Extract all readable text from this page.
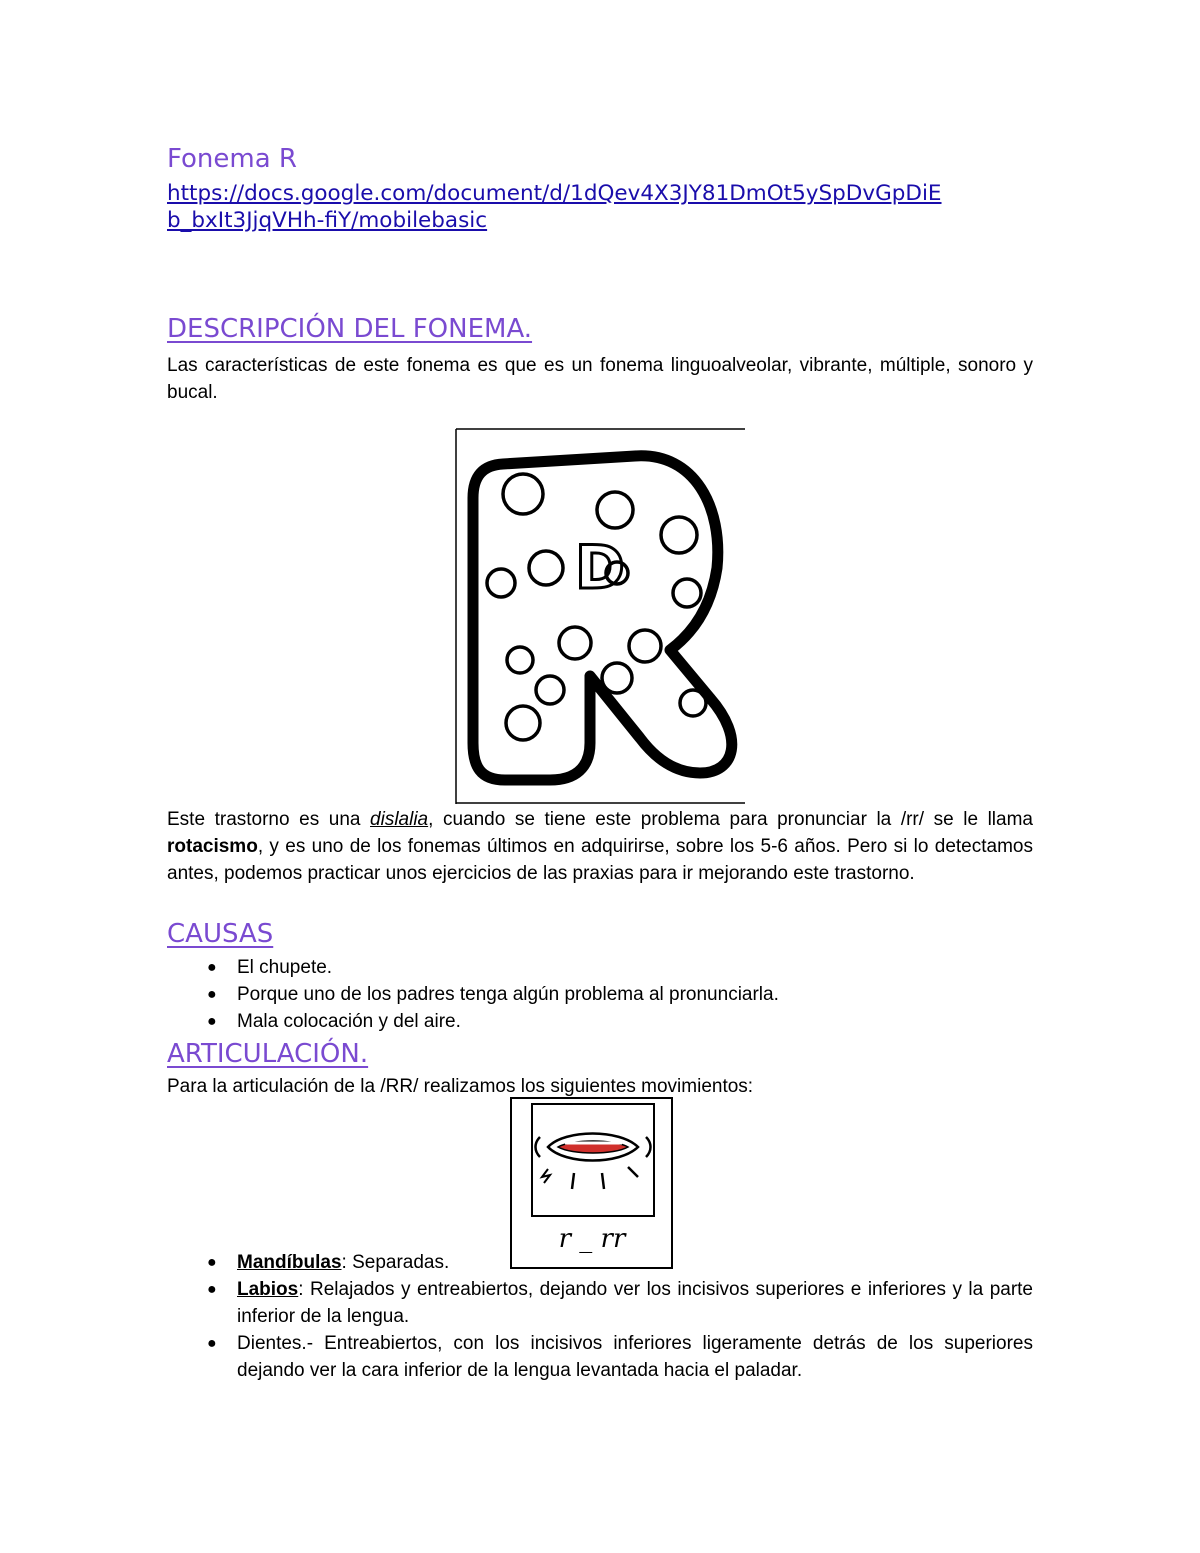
Fonema R
https://docs.google.com/document/d/1dQev4X3JY81DmOt5ySpDvGpDiE
b_bxIt3JjqVHh-fiY/mobilebasic
DESCRIPCIÓN DEL FONEMA.
Las características de este fonema es que es un fonema linguoalveolar, vibrante, múltiple, sonoro y bucal.
D
Este trastorno es una dislalia, cuando se tiene este problema para pronunciar la /rr/ se le llama rotacismo, y es uno de los fonemas últimos en adquirirse, sobre los 5-6 años. Pero si lo detectamos antes, podemos practicar unos ejercicios de las praxias para ir mejorando este trastorno.
CAUSAS
● El chupete.
● Porque uno de los padres tenga algún problema al pronunciarla.
● Mala colocación y del aire.
ARTICULACIÓN.
Para la articulación de la /RR/ realizamos los siguientes movimientos:
r _ rr
● Mandíbulas: Separadas.
● Labios: Relajados y entreabiertos, dejando ver los incisivos superiores e inferiores y la parte inferior de la lengua.
● Dientes.- Entreabiertos, con los incisivos inferiores ligeramente detrás de los superiores dejando ver la cara inferior de la lengua levantada hacia el paladar.
